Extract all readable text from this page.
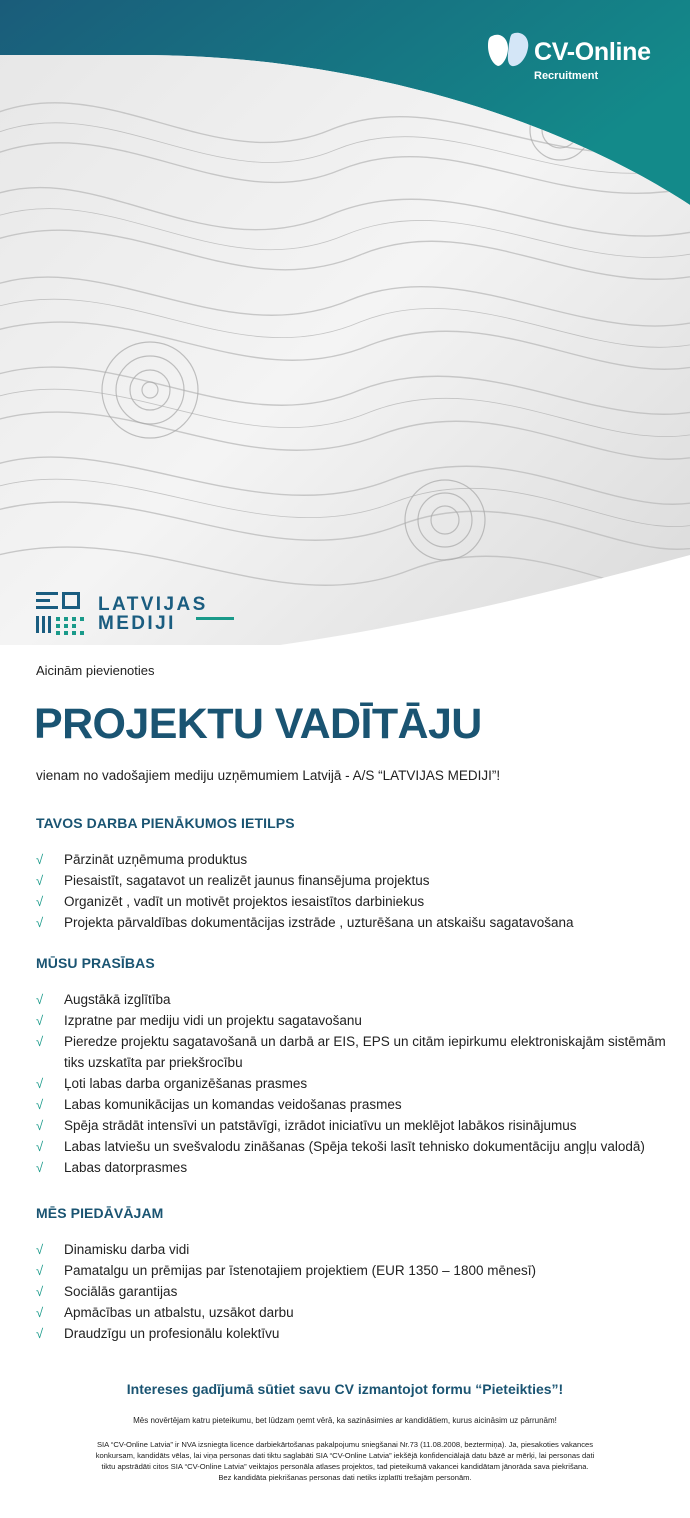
CV-Online
Recruitment
LATVIJAS
MEDIJI
Aicinām pievienoties
PROJEKTU VADĪTĀJU
vienam no vadošajiem mediju uzņēmumiem Latvijā - A/S “LATVIJAS MEDIJI”!
TAVOS DARBA PIENĀKUMOS IETILPS
√ Pārzināt uzņēmuma produktus
√ Piesaistīt, sagatavot un realizēt jaunus finansējuma projektus
√ Organizēt , vadīt un motivēt projektos iesaistītos darbiniekus
√ Projekta pārvaldības dokumentācijas izstrāde , uzturēšana un atskaišu sagatavošana
MŪSU PRASĪBAS
√ Augstākā izglītība
√ Izpratne par mediju vidi un projektu sagatavošanu
√ Pieredze projektu sagatavošanā un darbā ar EIS, EPS un citām iepirkumu elektroniskajām sistēmām tiks uzskatīta par priekšrocību
√ Ļoti labas darba organizēšanas prasmes
√ Labas komunikācijas un komandas veidošanas prasmes
√ Spēja strādāt intensīvi un patstāvīgi, izrādot iniciatīvu un meklējot labākos risinājumus
√ Labas latviešu un svešvalodu zināšanas (Spēja tekoši lasīt tehnisko dokumentāciju angļu valodā)
√ Labas datorprasmes
MĒS PIEDĀVĀJAM
√ Dinamisku darba vidi
√ Pamatalgu un prēmijas par īstenotajiem projektiem (EUR 1350 – 1800 mēnesī)
√ Sociālās garantijas
√ Apmācības un atbalstu, uzsākot darbu
√ Draudzīgu un profesionālu kolektīvu
Intereses gadījumā sūtiet savu CV izmantojot formu “Pieteikties”!
Mēs novērtējam katru pieteikumu, bet lūdzam ņemt vērā, ka sazināsimies ar kandidātiem, kurus aicināsim uz pārrunām!
SIA “CV-Online Latvia” ir NVA izsniegta licence darbiekārtošanas pakalpojumu sniegšanai Nr.73 (11.08.2008, beztermiņa). Ja, piesakoties vakances konkursam, kandidāts vēlas, lai viņa personas dati tiktu saglabāti SIA “CV-Online Latvia” iekšējā konfidenciālajā datu bāzē ar mērķi, lai personas dati tiktu apstrādāti citos SIA “CV-Online Latvia” veiktajos personāla atlases projektos, tad pieteikumā vakancei kandidātam jānorāda sava piekrišana. Bez kandidāta piekrišanas personas dati netiks izplatīti trešajām personām.
